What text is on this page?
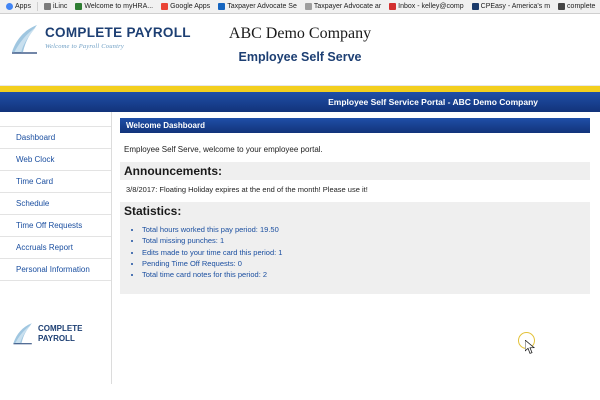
Apps	iLinc Welcome to myHRA... Google Apps Taxpayer Advocate Se Taxpayer Advocate ar Inbox - kelley@comp CPEasy - America's m complete
COMPLETE PAYROLL
Welcome to Payroll Country
ABC Demo Company
Employee Self Serve
Employee Self Service Portal - ABC Demo Company
Dashboard
Web Clock
Time Card
Schedule
Time Off Requests
Accruals Report
Personal Information
COMPLETE
PAYROLL
Welcome Dashboard
Employee Self Serve, welcome to your employee portal.
Announcements:
3/8/2017: Floating Holiday expires at the end of the month! Please use it!
Statistics:
• Total hours worked this pay period: 19.50
• Total missing punches: 1
• Edits made to your time card this period: 1
• Pending Time Off Requests: 0
• Total time card notes for this period: 2
